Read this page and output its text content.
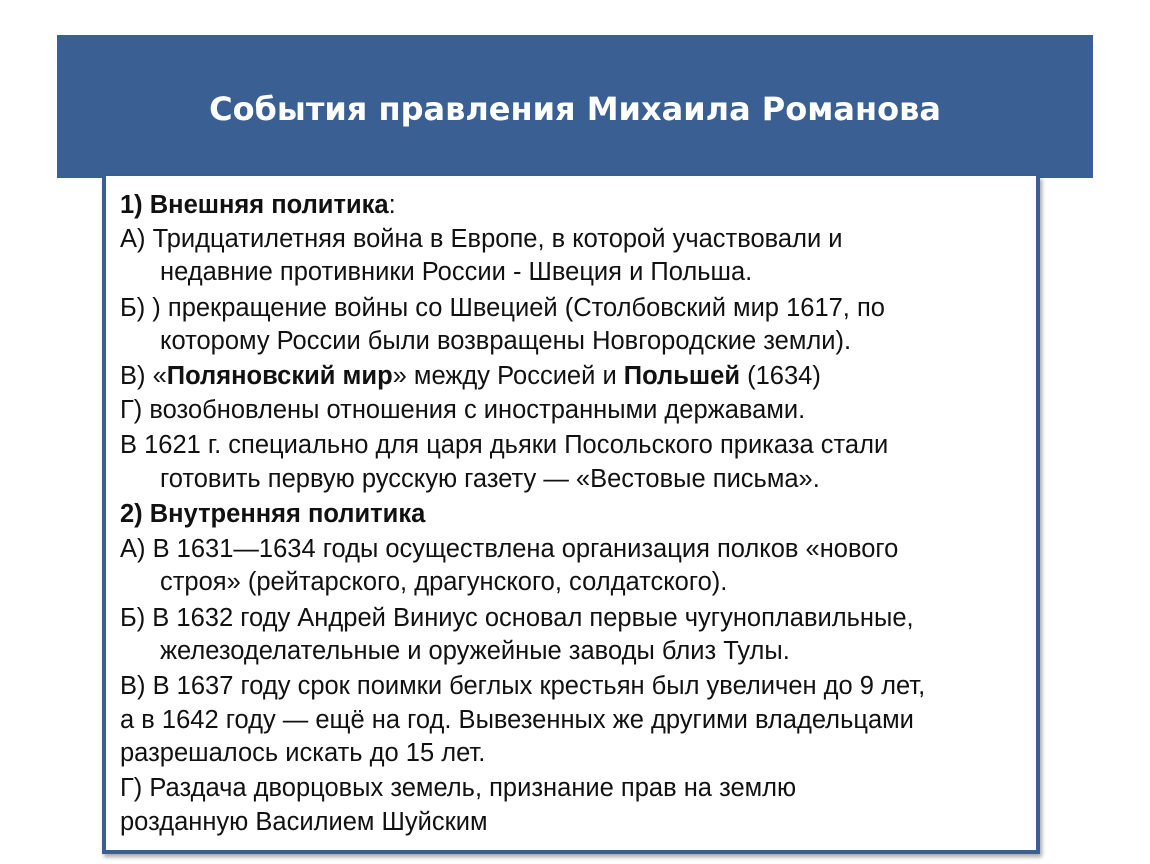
События правления Михаила Романова
1) Внешняя политика:
А) Тридцатилетняя война в Европе, в которой участвовали и
недавние противники России - Швеция и Польша.
Б) ) прекращение войны со Швецией (Столбовский мир 1617, по
которому России были возвращены Новгородские земли).
В) «Поляновский мир» между Россией и Польшей (1634)
Г) возобновлены отношения с иностранными державами.
В 1621 г. специально для царя дьяки Посольского приказа стали
готовить первую русскую газету — «Вестовые письма».
2) Внутренняя политика
А) В 1631—1634 годы осуществлена организация полков «нового
строя» (рейтарского, драгунского, солдатского).
Б) В 1632 году Андрей Виниус основал первые чугуноплавильные,
железоделательные и оружейные заводы близ Тулы.
В) В 1637 году срок поимки беглых крестьян был увеличен до 9 лет,
а в 1642 году — ещё на год. Вывезенных же другими владельцами
разрешалось искать до 15 лет.
Г) Раздача дворцовых земель, признание прав на землю
розданную Василием Шуйским
